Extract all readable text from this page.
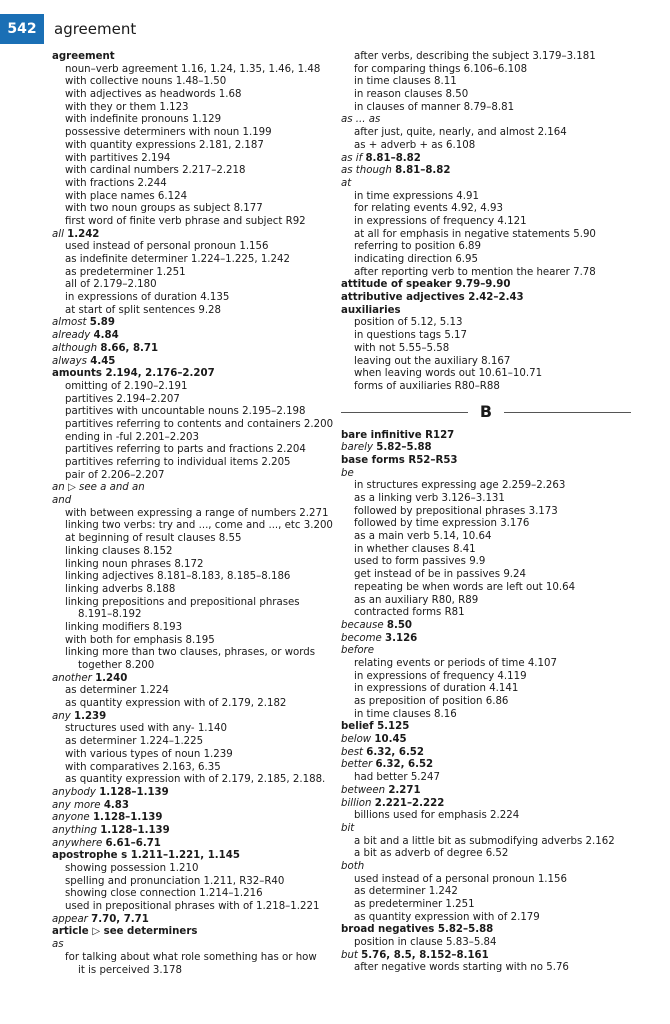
542	agreement
agreement
noun–verb agreement 1.16, 1.24, 1.35, 1.46, 1.48
with collective nouns 1.48–1.50
with adjectives as headwords 1.68
with they or them 1.123
with indefinite pronouns 1.129
possessive determiners with noun 1.199
with quantity expressions 2.181, 2.187
with partitives 2.194
with cardinal numbers 2.217–2.218
with fractions 2.244
with place names 6.124
with two noun groups as subject 8.177
first word of finite verb phrase and subject R92
all 1.242
used instead of personal pronoun 1.156
as indefinite determiner 1.224–1.225, 1.242
as predeterminer 1.251
all of 2.179–2.180
in expressions of duration 4.135
at start of split sentences 9.28
almost 5.89
already 4.84
although 8.66, 8.71
always 4.45
amounts 2.194, 2.176–2.207
omitting of 2.190–2.191
partitives 2.194–2.207
partitives with uncountable nouns 2.195–2.198
partitives referring to contents and containers 2.200
ending in -ful 2.201–2.203
partitives referring to parts and fractions 2.204
partitives referring to individual items 2.205
pair of 2.206–2.207
an ▷ see a and an
and
with between expressing a range of numbers 2.271
linking two verbs: try and ..., come and ..., etc 3.200
at beginning of result clauses 8.55
linking clauses 8.152
linking noun phrases 8.172
linking adjectives 8.181–8.183, 8.185–8.186
linking adverbs 8.188
linking prepositions and prepositional phrases
8.191–8.192
linking modifiers 8.193
with both for emphasis 8.195
linking more than two clauses, phrases, or words
together 8.200
another 1.240
as determiner 1.224
as quantity expression with of 2.179, 2.182
any 1.239
structures used with any- 1.140
as determiner 1.224–1.225
with various types of noun 1.239
with comparatives 2.163, 6.35
as quantity expression with of 2.179, 2.185, 2.188.
anybody 1.128–1.139
any more 4.83
anyone 1.128–1.139
anything 1.128–1.139
anywhere 6.61–6.71
apostrophe s 1.211–1.221, 1.145
showing possession 1.210
spelling and pronunciation 1.211, R32–R40
showing close connection 1.214–1.216
used in prepositional phrases with of 1.218–1.221
appear 7.70, 7.71
article ▷ see determiners
as
for talking about what role something has or how
it is perceived 3.178
after verbs, describing the subject 3.179–3.181
for comparing things 6.106–6.108
in time clauses 8.11
in reason clauses 8.50
in clauses of manner 8.79–8.81
as ... as
after just, quite, nearly, and almost 2.164
as + adverb + as 6.108
as if 8.81–8.82
as though 8.81–8.82
at
in time expressions 4.91
for relating events 4.92, 4.93
in expressions of frequency 4.121
at all for emphasis in negative statements 5.90
referring to position 6.89
indicating direction 6.95
after reporting verb to mention the hearer 7.78
attitude of speaker 9.79–9.90
attributive adjectives 2.42–2.43
auxiliaries
position of 5.12, 5.13
in questions tags 5.17
with not 5.55–5.58
leaving out the auxiliary 8.167
when leaving words out 10.61–10.71
forms of auxiliaries R80–R88
B
bare infinitive R127
barely 5.82–5.88
base forms R52–R53
be
in structures expressing age 2.259–2.263
as a linking verb 3.126–3.131
followed by prepositional phrases 3.173
followed by time expression 3.176
as a main verb 5.14, 10.64
in whether clauses 8.41
used to form passives 9.9
get instead of be in passives 9.24
repeating be when words are left out 10.64
as an auxiliary R80, R89
contracted forms R81
because 8.50
become 3.126
before
relating events or periods of time 4.107
in expressions of frequency 4.119
in expressions of duration 4.141
as preposition of position 6.86
in time clauses 8.16
belief 5.125
below 10.45
best 6.32, 6.52
better 6.32, 6.52
had better 5.247
between 2.271
billion 2.221–2.222
billions used for emphasis 2.224
bit
a bit and a little bit as submodifying adverbs 2.162
a bit as adverb of degree 6.52
both
used instead of a personal pronoun 1.156
as determiner 1.242
as predeterminer 1.251
as quantity expression with of 2.179
broad negatives 5.82–5.88
position in clause 5.83–5.84
but 5.76, 8.5, 8.152–8.161
after negative words starting with no 5.76
